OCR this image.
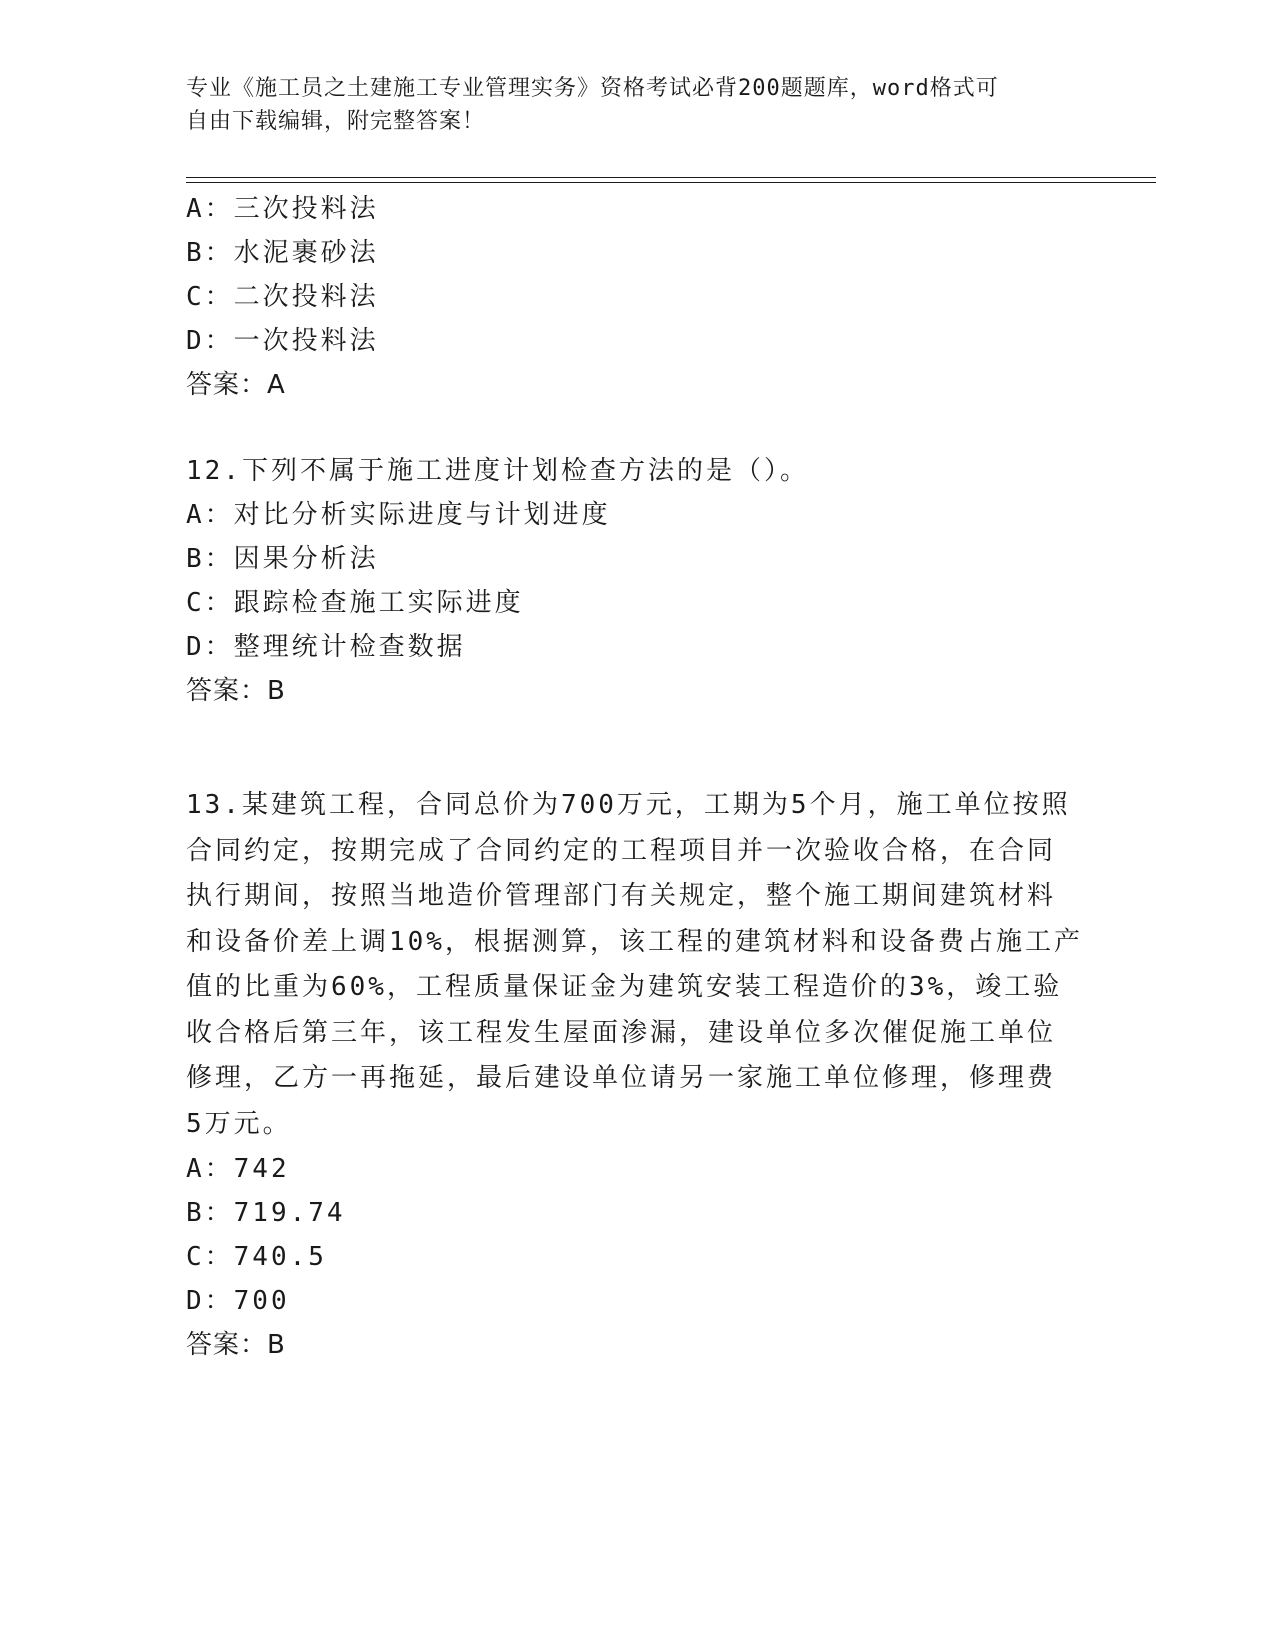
专业《施工员之土建施工专业管理实务》资格考试必背200题题库，word格式可
自由下载编辑，附完整答案！
A：三次投料法
B：水泥裹砂法
C：二次投料法
D：一次投料法
答案：A
12.下列不属于施工进度计划检查方法的是（）。
A：对比分析实际进度与计划进度
B：因果分析法
C：跟踪检查施工实际进度
D：整理统计检查数据
答案：B

13.某建筑工程，合同总价为700万元，工期为5个月，施工单位按照

合同约定，按期完成了合同约定的工程项目并一次验收合格，在合同

执行期间，按照当地造价管理部门有关规定，整个施工期间建筑材料

和设备价差上调10%，根据测算，该工程的建筑材料和设备费占施工产

值的比重为60%，工程质量保证金为建筑安装工程造价的3%，竣工验

收合格后第三年，该工程发生屋面渗漏，建设单位多次催促施工单位

修理，乙方一再拖延，最后建设单位请另一家施工单位修理，修理费

5万元。

A：742
B：719.74
C：740.5
D：700
答案：B
